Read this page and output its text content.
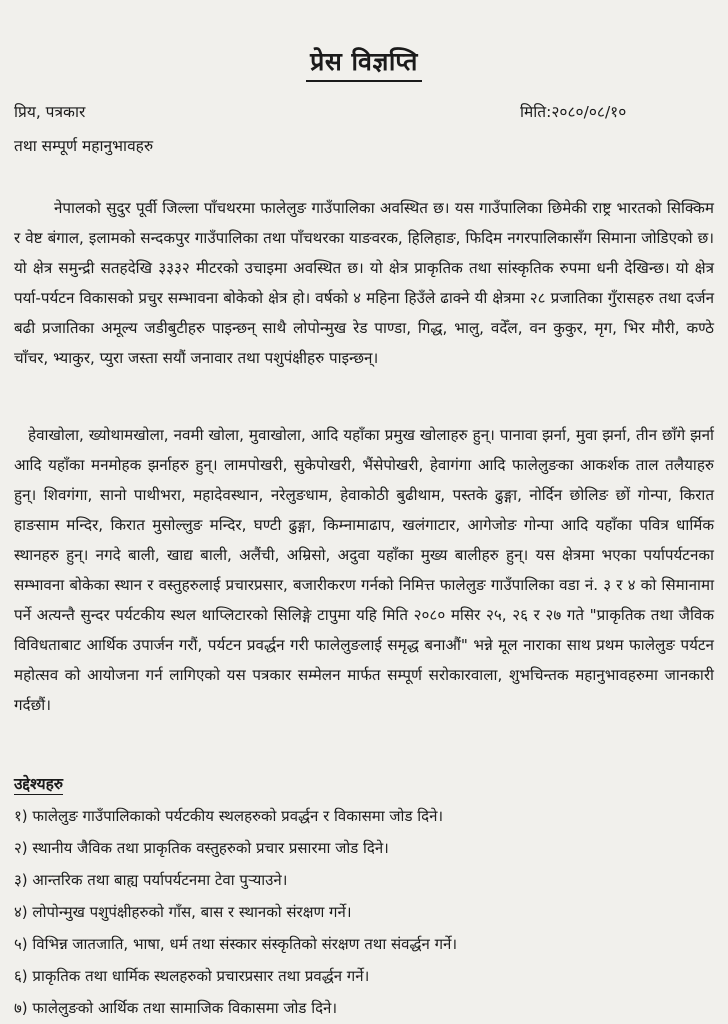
प्रेस विज्ञप्ति
प्रिय, पत्रकार	मिति:२०८०/०८/१०
तथा सम्पूर्ण महानुभावहरु

नेपालको सुदुर पूर्वी जिल्ला पाँचथरमा फालेलुङ गाउँपालिका अवस्थित छ। यस गाउँपालिका छिमेकी राष्ट्र भारतको सिक्किम र वेष्ट बंगाल, इलामको सन्दकपुर गाउँपालिका तथा पाँचथरका याङवरक, हिलिहाङ, फिदिम नगरपालिकासँग सिमाना जोडिएको छ। यो क्षेत्र समुन्द्री सतहदेखि ३३३२ मीटरको उचाइमा अवस्थित छ। यो क्षेत्र प्राकृतिक तथा सांस्कृतिक रुपमा धनी देखिन्छ। यो क्षेत्र पर्या-पर्यटन विकासको प्रचुर सम्भावना बोकेको क्षेत्र हो। वर्षको ४ महिना हिउँले ढाक्ने यी क्षेत्रमा २८ प्रजातिका गुँरासहरु तथा दर्जन बढी प्रजातिका अमूल्य जडीबुटीहरु पाइन्छन् साथै लोपोन्मुख रेड पाण्डा, गिद्ध, भालु, वदेँल, वन कुकुर, मृग, भिर मौरी, कण्ठे चाँचर, भ्याकुर, प्युरा जस्ता सयौं जनावार तथा पशुपंक्षीहरु पाइन्छन्।

हेवाखोला, ख्योथामखोला, नवमी खोला, मुवाखोला, आदि यहाँका प्रमुख खोलाहरु हुन्। पानावा झर्ना, मुवा झर्ना, तीन छाँगे झर्ना आदि यहाँका मनमोहक झर्नाहरु हुन्। लामपोखरी, सुकेपोखरी, भैंसेपोखरी, हेवागंगा आदि फालेलुङका आकर्शक ताल तलैयाहरु हुन्। शिवगंगा, सानो पाथीभरा, महादेवस्थान, नरेलुङधाम, हेवाकोठी बुढीथाम, पस्तके ढुङ्गा, नोर्दिन छोलिङ छों गोन्पा, किरात हाङसाम मन्दिर, किरात मुसोल्लुङ मन्दिर, घण्टी ढुङ्गा, किम्नामाढाप, खलंगाटार, आगेजोङ गोन्पा आदि यहाँका पवित्र धार्मिक स्थानहरु हुन्। नगदे बाली, खाद्य बाली, अलैंची, अम्रिसो, अदुवा यहाँका मुख्य बालीहरु हुन्। यस क्षेत्रमा भएका पर्यापर्यटनका सम्भावना बोकेका स्थान र वस्तुहरुलाई प्रचारप्रसार, बजारीकरण गर्नको निमित्त फालेलुङ गाउँपालिका वडा नं. ३ र ४ को सिमानामा पर्ने अत्यन्तै सुन्दर पर्यटकीय स्थल थाप्लिटारको सिलिङ्गे टापुमा यहि मिति २०८० मसिर २५, २६ र २७ गते "प्राकृतिक तथा जैविक विविधताबाट आर्थिक उपार्जन गरौं, पर्यटन प्रवर्द्धन गरी फालेलुङलाई समृद्ध बनाऔं" भन्ने मूल नाराका साथ प्रथम फालेलुङ पर्यटन महोत्सव को आयोजना गर्न लागिएको यस पत्रकार सम्मेलन मार्फत सम्पूर्ण सरोकारवाला, शुभचिन्तक महानुभावहरुमा जानकारी गर्दछौं।

उद्देश्यहरु
१) फालेलुङ गाउँपालिकाको पर्यटकीय स्थलहरुको प्रवर्द्धन र विकासमा जोड दिने।
२) स्थानीय जैविक तथा प्राकृतिक वस्तुहरुको प्रचार प्रसारमा जोड दिने।
३) आन्तरिक तथा बाह्य पर्यापर्यटनमा टेवा पुऱ्याउने।
४) लोपोन्मुख पशुपंक्षीहरुको गाँस, बास र स्थानको संरक्षण गर्ने।
५) विभिन्न जातजाति, भाषा, धर्म तथा संस्कार संस्कृतिको संरक्षण तथा संवर्द्धन गर्ने।
६) प्राकृतिक तथा धार्मिक स्थलहरुको प्रचारप्रसार तथा प्रवर्द्धन गर्ने।
७) फालेलुङको आर्थिक तथा सामाजिक विकासमा जोड दिने।
